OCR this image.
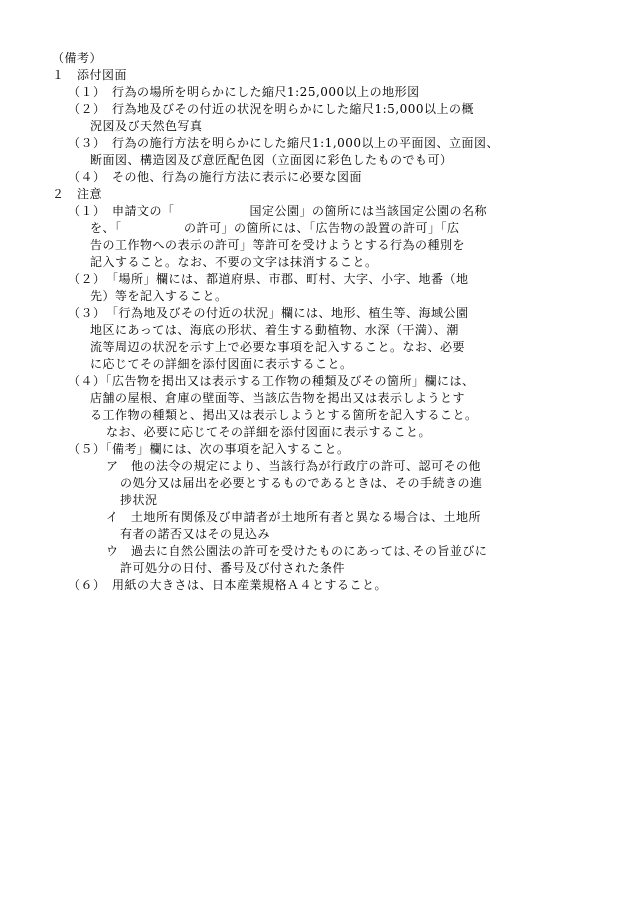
（備考）
１　添付図面
（１）　行為の場所を明らかにした縮尺1:25,000以上の地形図
（２）　行為地及びその付近の状況を明らかにした縮尺1:5,000以上の概
況図及び天然色写真
（３）　行為の施行方法を明らかにした縮尺1:1,000以上の平面図、立面図、
断面図、構造図及び意匠配色図（立面図に彩色したものでも可）
（４）　その他、行為の施行方法に表示に必要な図面
２　注意
（１）　申請文の「　　　　　　国定公園」の箇所には当該国定公園の名称
を、「　　　　　の許可」の箇所には、「広告物の設置の許可」「広
告の工作物への表示の許可」等許可を受けようとする行為の種別を
記入すること。なお、不要の文字は抹消すること。
（２）　「場所」欄には、都道府県、市郡、町村、大字、小字、地番（地
先）等を記入すること。
（３）　「行為地及びその付近の状況」欄には、地形、植生等、海域公園
地区にあっては、海底の形状、着生する動植物、水深（干満）、潮
流等周辺の状況を示す上で必要な事項を記入すること。なお、必要
に応じてその詳細を添付図面に表示すること。
（４）「広告物を掲出又は表示する工作物の種類及びその箇所」欄には、
店舗の屋根、倉庫の壁面等、当該広告物を掲出又は表示しようとす
る工作物の種類と、掲出又は表示しようとする箇所を記入すること。
なお、必要に応じてその詳細を添付図面に表示すること。
（５）「備考」欄には、次の事項を記入すること。
ア　他の法令の規定により、当該行為が行政庁の許可、認可その他
の処分又は届出を必要とするものであるときは、その手続きの進
捗状況
イ　土地所有関係及び申請者が土地所有者と異なる場合は、土地所
有者の諾否又はその見込み
ウ　過去に自然公園法の許可を受けたものにあっては､その旨並びに
許可処分の日付、番号及び付された条件
（６）　用紙の大きさは、日本産業規格Ａ４とすること。
